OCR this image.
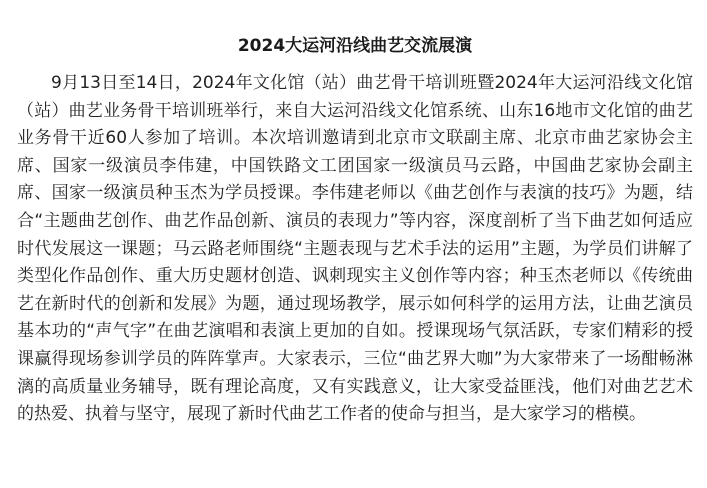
2024大运河沿线曲艺交流展演

9月13日至14日，2024年文化馆（站）曲艺骨干培训班暨2024年大运河沿线文化馆（站）曲艺业务骨干培训班举行，来自大运河沿线文化馆系统、山东16地市文化馆的曲艺业务骨干近60人参加了培训。本次培训邀请到北京市文联副主席、北京市曲艺家协会主席、国家一级演员李伟建，中国铁路文工团国家一级演员马云路，中国曲艺家协会副主席、国家一级演员种玉杰为学员授课。李伟建老师以《曲艺创作与表演的技巧》为题，结合“主题曲艺创作、曲艺作品创新、演员的表现力”等内容，深度剖析了当下曲艺如何适应时代发展这一课题；马云路老师围绕“主题表现与艺术手法的运用”主题，为学员们讲解了类型化作品创作、重大历史题材创造、讽刺现实主义创作等内容；种玉杰老师以《传统曲艺在新时代的创新和发展》为题，通过现场教学，展示如何科学的运用方法，让曲艺演员基本功的“声气字”在曲艺演唱和表演上更加的自如。授课现场气氛活跃，专家们精彩的授课赢得现场参训学员的阵阵掌声。大家表示，三位“曲艺界大咖”为大家带来了一场酣畅淋漓的高质量业务辅导，既有理论高度，又有实践意义，让大家受益匪浅，他们对曲艺艺术的热爱、执着与坚守，展现了新时代曲艺工作者的使命与担当，是大家学习的楷模。
